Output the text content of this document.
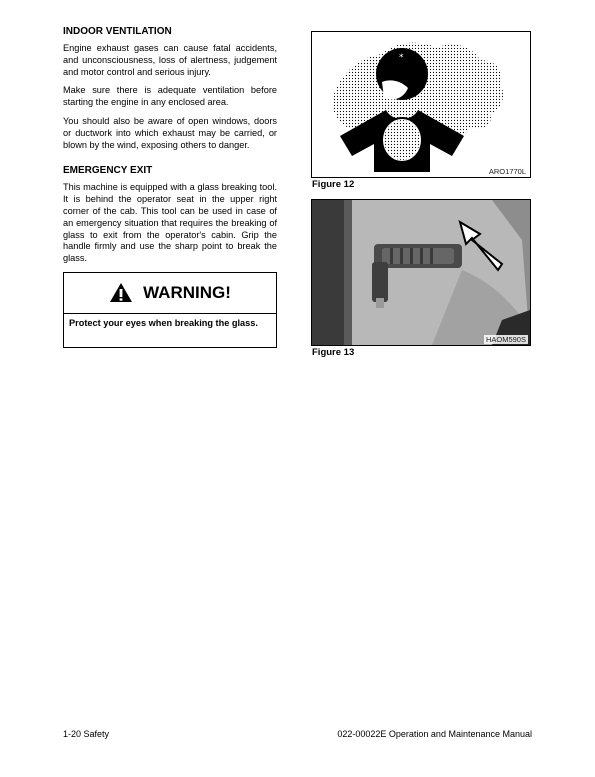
INDOOR VENTILATION

Engine exhaust gases can cause fatal accidents, and unconsciousness, loss of alertness, judgement and motor control and serious injury.

Make sure there is adequate ventilation before starting the engine in any enclosed area.

You should also be aware of open windows, doors or ductwork into which exhaust may be carried, or blown by the wind, exposing others to danger.

EMERGENCY EXIT

This machine is equipped with a glass breaking tool. It is behind the operator seat in the upper right corner of the cab. This tool can be used in case of an emergency situation that requires the breaking of glass to exit from the operator's cabin. Grip the handle firmly and use the sharp point to break the glass.

WARNING!
Protect your eyes when breaking the glass.
*
ARO1770L
Figure 12
HAOM590S
Figure 13
1-20 Safety	022-00022E Operation and Maintenance Manual
